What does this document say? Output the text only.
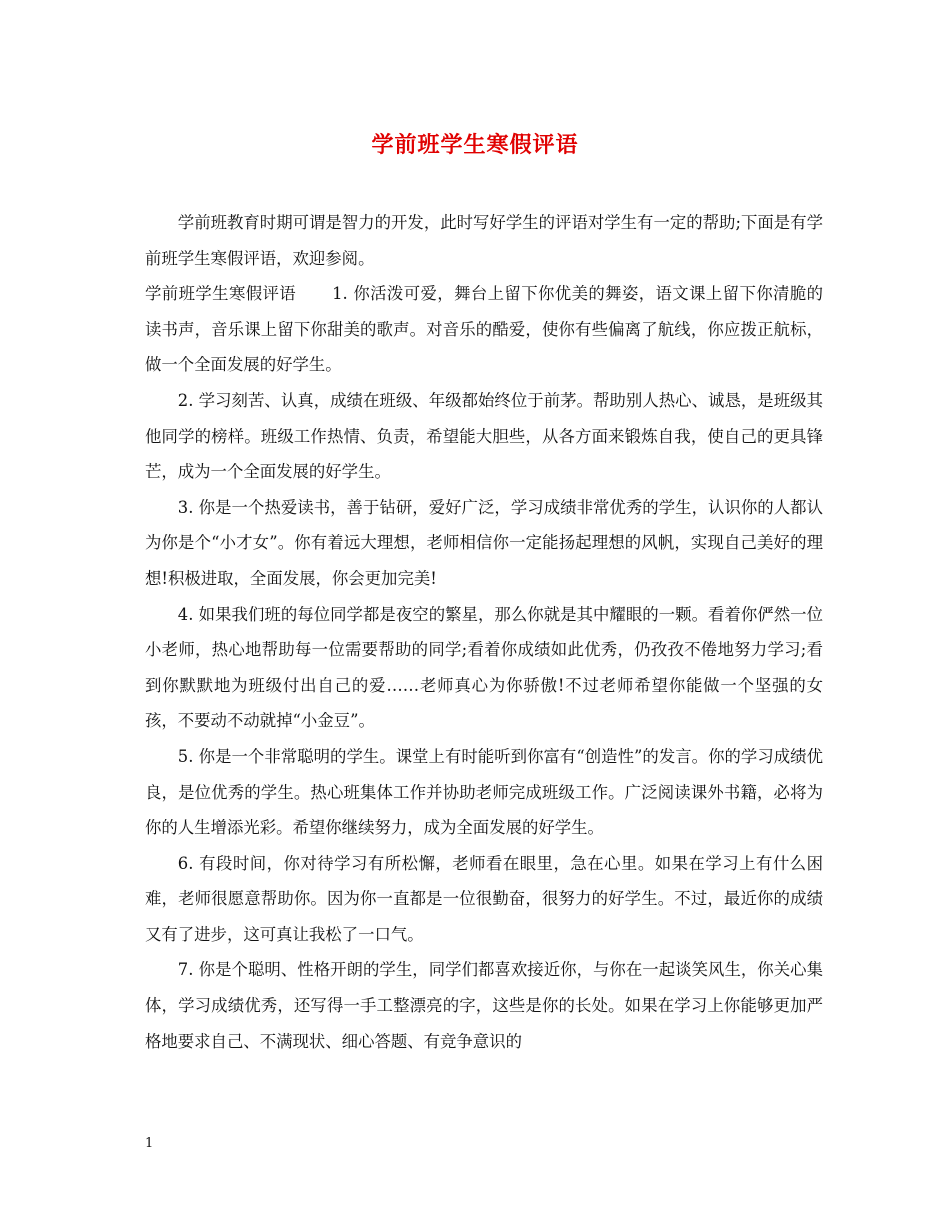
学前班学生寒假评语

学前班教育时期可谓是智力的开发，此时写好学生的评语对学生有一定的帮助;下面是有学前班学生寒假评语，欢迎参阅。

学前班学生寒假评语 1. 你活泼可爱，舞台上留下你优美的舞姿，语文课上留下你清脆的读书声，音乐课上留下你甜美的歌声。对音乐的酷爱，使你有些偏离了航线，你应拨正航标，做一个全面发展的好学生。

2. 学习刻苦、认真，成绩在班级、年级都始终位于前茅。帮助别人热心、诚恳，是班级其他同学的榜样。班级工作热情、负责，希望能大胆些，从各方面来锻炼自我，使自己的更具锋芒，成为一个全面发展的好学生。

3. 你是一个热爱读书，善于钻研，爱好广泛，学习成绩非常优秀的学生，认识你的人都认为你是个“小才女”。你有着远大理想，老师相信你一定能扬起理想的风帆，实现自己美好的理想!积极进取，全面发展，你会更加完美!

4. 如果我们班的每位同学都是夜空的繁星，那么你就是其中耀眼的一颗。看着你俨然一位小老师，热心地帮助每一位需要帮助的同学;看着你成绩如此优秀，仍孜孜不倦地努力学习;看到你默默地为班级付出自己的爱……老师真心为你骄傲!不过老师希望你能做一个坚强的女孩，不要动不动就掉“小金豆”。

5. 你是一个非常聪明的学生。课堂上有时能听到你富有“创造性”的发言。你的学习成绩优良，是位优秀的学生。热心班集体工作并协助老师完成班级工作。广泛阅读课外书籍，必将为你的人生增添光彩。希望你继续努力，成为全面发展的好学生。

6. 有段时间，你对待学习有所松懈，老师看在眼里，急在心里。如果在学习上有什么困难，老师很愿意帮助你。因为你一直都是一位很勤奋，很努力的好学生。不过，最近你的成绩又有了进步，这可真让我松了一口气。

7. 你是个聪明、性格开朗的学生，同学们都喜欢接近你，与你在一起谈笑风生，你关心集体，学习成绩优秀，还写得一手工整漂亮的字，这些是你的长处。如果在学习上你能够更加严格地要求自己、不满现状、细心答题、有竞争意识的

1
